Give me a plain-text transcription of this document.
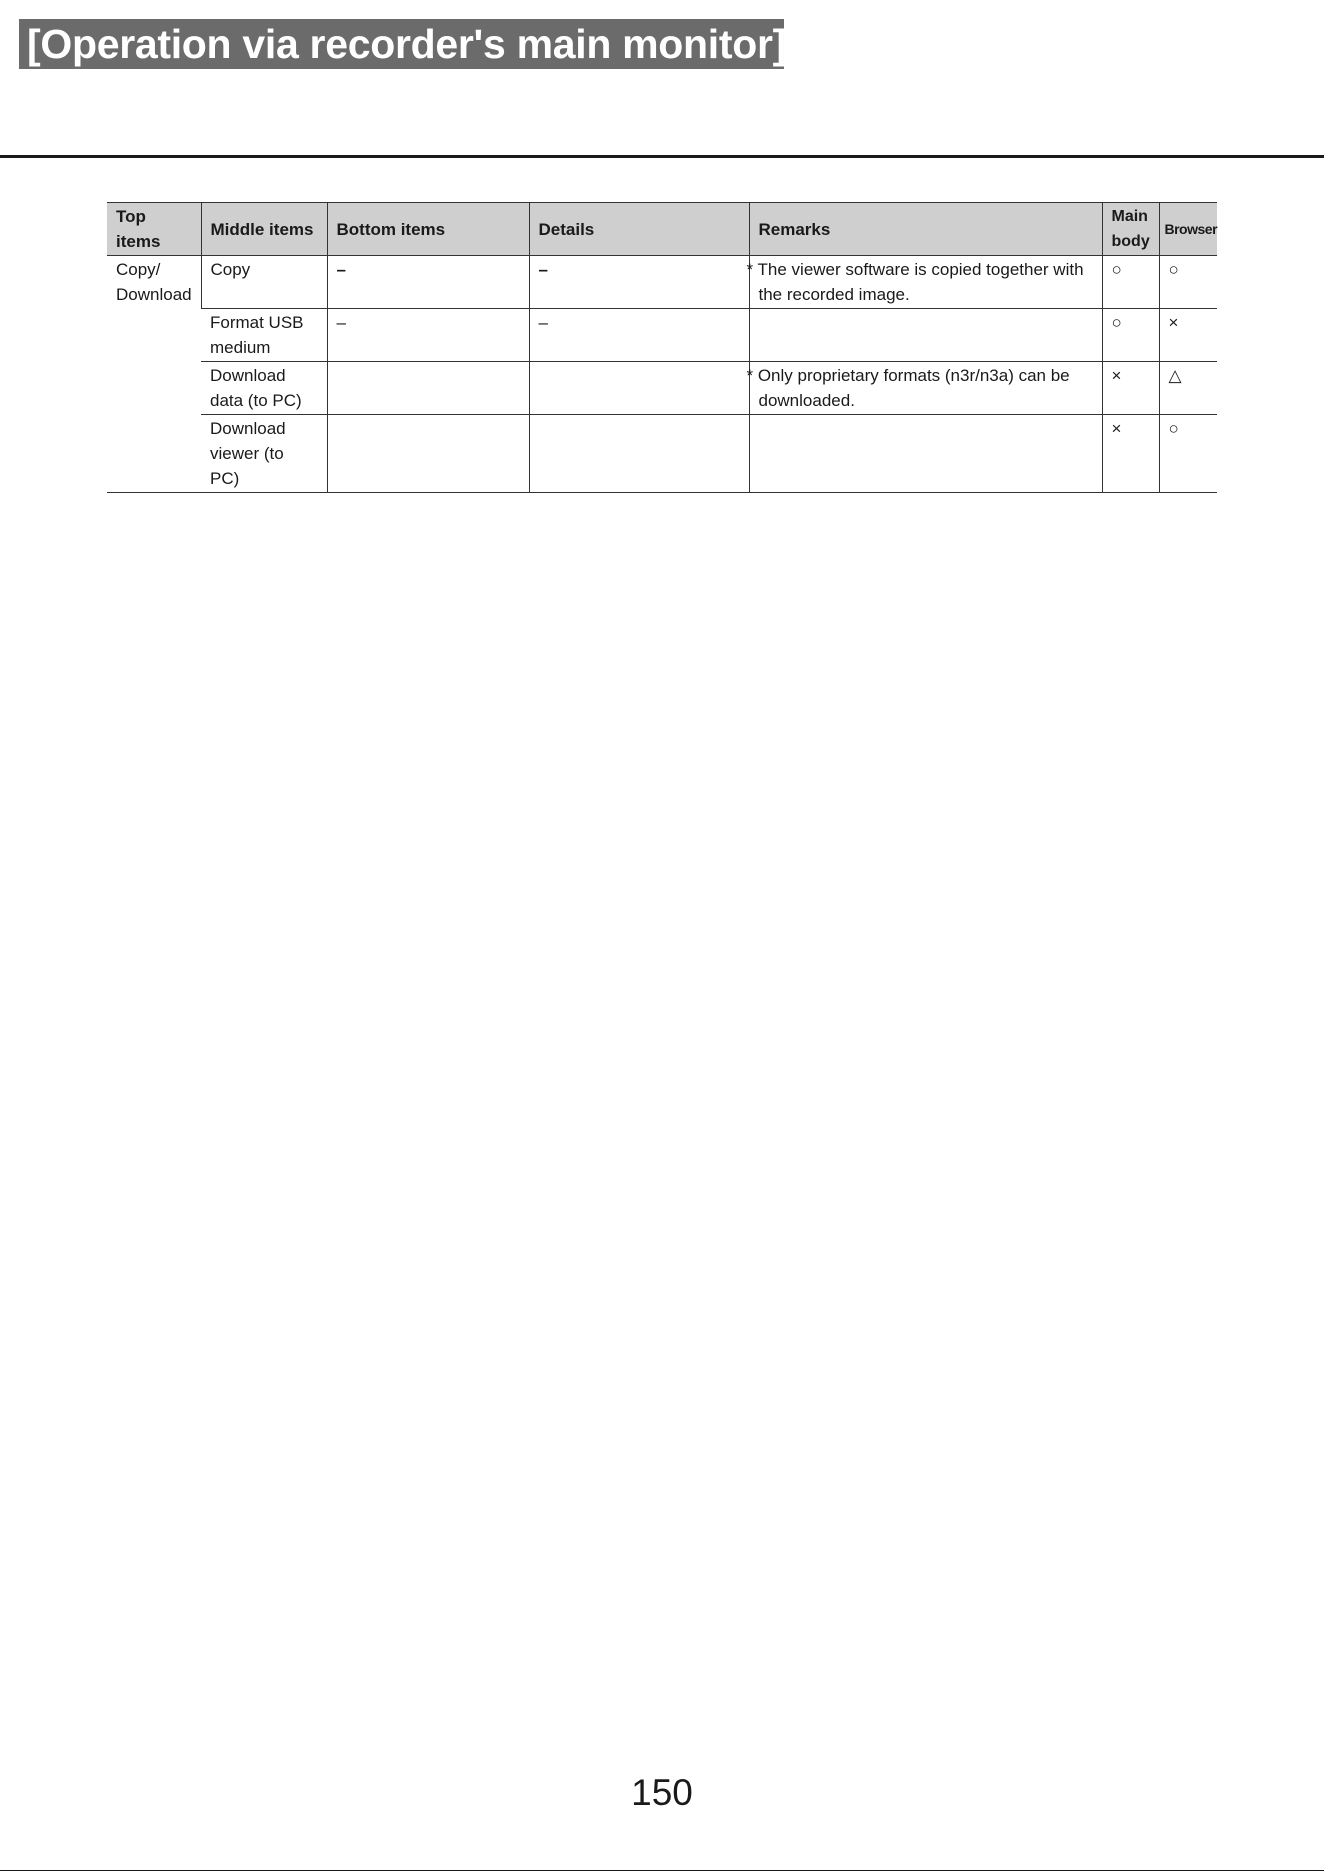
[Operation via recorder's main monitor]
Top items	Middle items	Bottom items	Details	Remarks	Main body	Browser
Copy/ Download	Copy	–	–	* The viewer software is copied together with the recorded image.	○	○
	Format USB medium	–	–		○	×
	Download data (to PC)			* Only proprietary formats (n3r/n3a) can be downloaded.	×	△
	Download viewer (to PC)				×	○
150
